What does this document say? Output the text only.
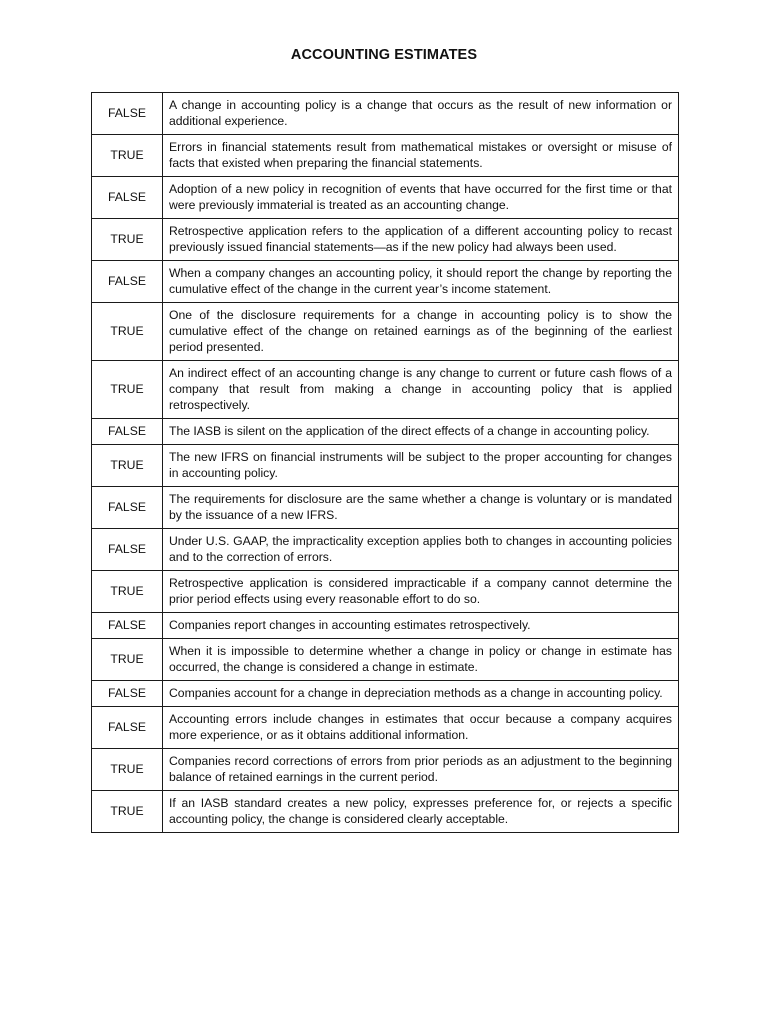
ACCOUNTING ESTIMATES
FALSE	A change in accounting policy is a change that occurs as the result of new information or additional experience.
TRUE	Errors in financial statements result from mathematical mistakes or oversight or misuse of facts that existed when preparing the financial statements.
FALSE	Adoption of a new policy in recognition of events that have occurred for the first time or that were previously immaterial is treated as an accounting change.
TRUE	Retrospective application refers to the application of a different accounting policy to recast previously issued financial statements—as if the new policy had always been used.
FALSE	When a company changes an accounting policy, it should report the change by reporting the cumulative effect of the change in the current year’s income statement.
TRUE	One of the disclosure requirements for a change in accounting policy is to show the cumulative effect of the change on retained earnings as of the beginning of the earliest period presented.
TRUE	An indirect effect of an accounting change is any change to current or future cash flows of a company that result from making a change in accounting policy that is applied retrospectively.
FALSE	The IASB is silent on the application of the direct effects of a change in accounting policy.
TRUE	The new IFRS on financial instruments will be subject to the proper accounting for changes in accounting policy.
FALSE	The requirements for disclosure are the same whether a change is voluntary or is mandated by the issuance of a new IFRS.
FALSE	Under U.S. GAAP, the impracticality exception applies both to changes in accounting policies and to the correction of errors.
TRUE	Retrospective application is considered impracticable if a company cannot determine the prior period effects using every reasonable effort to do so.
FALSE	Companies report changes in accounting estimates retrospectively.
TRUE	When it is impossible to determine whether a change in policy or change in estimate has occurred, the change is considered a change in estimate.
FALSE	Companies account for a change in depreciation methods as a change in accounting policy.
FALSE	Accounting errors include changes in estimates that occur because a company acquires more experience, or as it obtains additional information.
TRUE	Companies record corrections of errors from prior periods as an adjustment to the beginning balance of retained earnings in the current period.
TRUE	If an IASB standard creates a new policy, expresses preference for, or rejects a specific accounting policy, the change is considered clearly acceptable.
